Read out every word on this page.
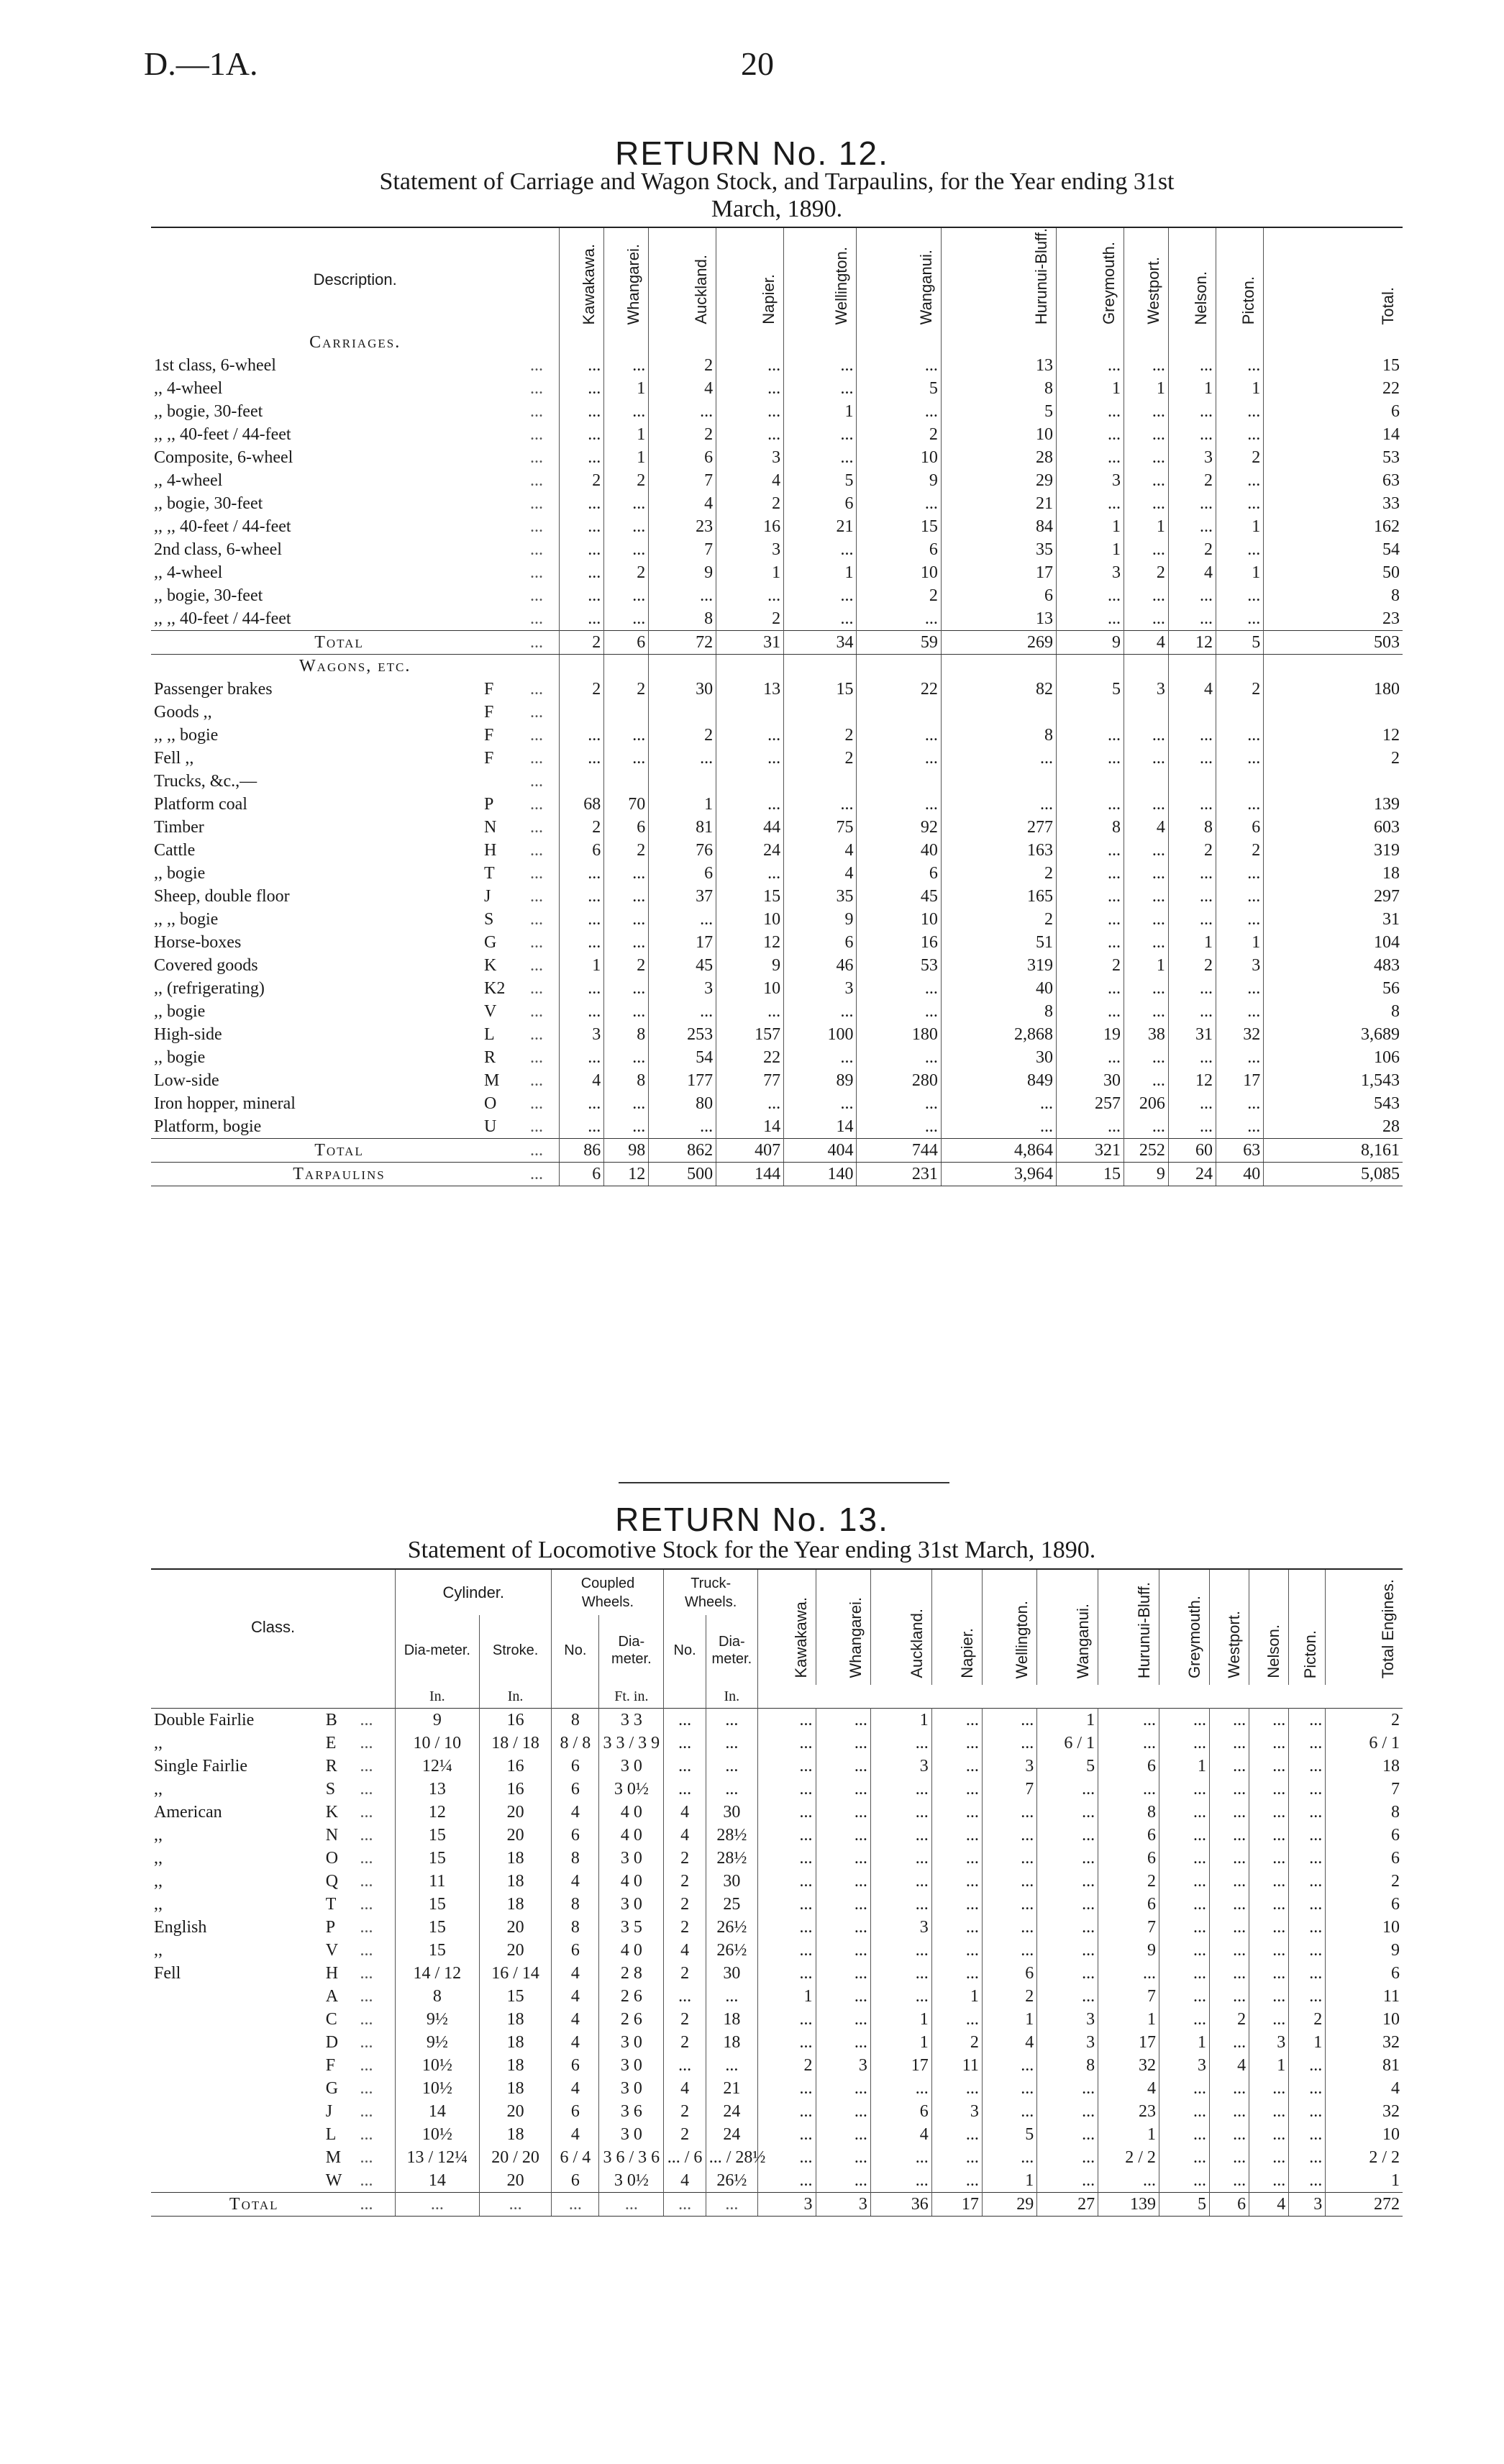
D.—1A.	20
RETURN No. 12.
Statement of Carriage and Wagon Stock, and Tarpaulins, for the Year ending 31st
March, 1890.
Description.			Kawakawa.	Whangarei.	Auckland.	Napier.	Wellington.	Wanganui.	Hurunui-Bluff.	Greymouth.	Westport.	Nelson.	Picton.	Total.
Carriages.														
1st class, 6-wheel		...	...	...	2	...	...	...	13	...	...	...	...	15
,, 4-wheel		...	...	1	4	...	...	5	8	1	1	1	1	22
,, bogie, 30-feet		...	...	...	...	...	1	...	5	...	...	...	...	6
,, ,, 40-feet / 44-feet		...	...	1	2	...	...	2	10	...	...	...	...	14
Composite, 6-wheel		...	...	1	6	3	...	10	28	...	...	3	2	53
,, 4-wheel		...	2	2	7	4	5	9	29	3	...	2	...	63
,, bogie, 30-feet		...	...	...	4	2	6	...	21	...	...	...	...	33
,, ,, 40-feet / 44-feet		...	...	...	23	16	21	15	84	1	1	...	1	162
2nd class, 6-wheel		...	...	...	7	3	...	6	35	1	...	2	...	54
,, 4-wheel		...	...	2	9	1	1	10	17	3	2	4	1	50
,, bogie, 30-feet		...	...	...	...	...	...	2	6	...	...	...	...	8
,, ,, 40-feet / 44-feet		...	...	...	8	2	...	...	13	...	...	...	...	23
Total		...	2	6	72	31	34	59	269	9	4	12	5	503
Wagons, etc.														
Passenger brakes	F	...	2	2	30	13	15	22	82	5	3	4	2	180
Goods ,,	F	...												
,, ,, bogie	F	...	...	...	2	...	2	...	8	...	...	...	...	12
Fell ,,	F	...	...	...	...	...	2	...	...	...	...	...	...	2
Trucks, &c.,—		...												
Platform coal	P	...	68	70	1	...	...	...	...	...	...	...	...	139
Timber	N	...	2	6	81	44	75	92	277	8	4	8	6	603
Cattle	H	...	6	2	76	24	4	40	163	...	...	2	2	319
,, bogie	T	...	...	...	6	...	4	6	2	...	...	...	...	18
Sheep, double floor	J	...	...	...	37	15	35	45	165	...	...	...	...	297
,, ,, bogie	S	...	...	...	...	10	9	10	2	...	...	...	...	31
Horse-boxes	G	...	...	...	17	12	6	16	51	...	...	1	1	104
Covered goods	K	...	1	2	45	9	46	53	319	2	1	2	3	483
,, (refrigerating)	K2	...	...	...	3	10	3	...	40	...	...	...	...	56
,, bogie	V	...	...	...	...	...	...	...	8	...	...	...	...	8
High-side	L	...	3	8	253	157	100	180	2,868	19	38	31	32	3,689
,, bogie	R	...	...	...	54	22	...	...	30	...	...	...	...	106
Low-side	M	...	4	8	177	77	89	280	849	30	...	12	17	1,543
Iron hopper, mineral	O	...	...	...	80	...	...	...	...	257	206	...	...	543
Platform, bogie	U	...	...	...	...	14	14	...	...	...	...	...	...	28
Total		...	86	98	862	407	404	744	4,864	321	252	60	63	8,161
Tarpaulins		...	6	12	500	144	140	231	3,964	15	9	24	40	5,085
RETURN No. 13.
Statement of Locomotive Stock for the Year ending 31st March, 1890.
Class.			Cylinder.		Coupled Wheels.		Truck-Wheels.		Kawakawa.	Whangarei.	Auckland.	Napier.	Wellington.	Wanganui.	Hurunui-Bluff.	Greymouth.	Westport.	Nelson.	Picton.	Total Engines.
			Dia-meter.	Stroke.	No.	Dia-meter.	No.	Dia-meter.												
			In.	In.		Ft. in.		In.												
Double Fairlie	B	...	9	16	8	3 3	...	...	...	...	1	...	...	1	...	...	...	...	...	2
,,	E	...	10 / 10	18 / 18	8 / 8	3 3 / 3 9	...	...	...	...	...	...	...	6 / 1	...	...	...	...	...	6 / 1
Single Fairlie	R	...	12¼	16	6	3 0	...	...	...	...	3	...	3	5	6	1	...	...	...	18
,,	S	...	13	16	6	3 0½	...	...	...	...	...	...	7	...	...	...	...	...	...	7
American	K	...	12	20	4	4 0	4	30	...	...	...	...	...	...	8	...	...	...	...	8
,,	N	...	15	20	6	4 0	4	28½	...	...	...	...	...	...	6	...	...	...	...	6
,,	O	...	15	18	8	3 0	2	28½	...	...	...	...	...	...	6	...	...	...	...	6
,,	Q	...	11	18	4	4 0	2	30	...	...	...	...	...	...	2	...	...	...	...	2
,,	T	...	15	18	8	3 0	2	25	...	...	...	...	...	...	6	...	...	...	...	6
English	P	...	15	20	8	3 5	2	26½	...	...	3	...	...	...	7	...	...	...	...	10
,,	V	...	15	20	6	4 0	4	26½	...	...	...	...	...	...	9	...	...	...	...	9
Fell	H	...	14 / 12	16 / 14	4	2 8	2	30	...	...	...	...	6	...	...	...	...	...	...	6
	A	...	8	15	4	2 6	...	...	1	...	...	1	2	...	7	...	...	...	...	11
	C	...	9½	18	4	2 6	2	18	...	...	1	...	1	3	1	...	2	...	2	10
	D	...	9½	18	4	3 0	2	18	...	...	1	2	4	3	17	1	...	3	1	32
	F	...	10½	18	6	3 0	...	...	2	3	17	11	...	8	32	3	4	1	...	81
	G	...	10½	18	4	3 0	4	21	...	...	...	...	...	...	4	...	...	...	...	4
	J	...	14	20	6	3 6	2	24	...	...	6	3	...	...	23	...	...	...	...	32
	L	...	10½	18	4	3 0	2	24	...	...	4	...	5	...	1	...	...	...	...	10
	M	...	13 / 12¼	20 / 20	6 / 4	3 6 / 3 6	... / 6	... / 28½	...	...	...	...	...	...	2 / 2	...	...	...	...	2 / 2
	W	...	14	20	6	3 0½	4	26½	...	...	...	...	1	...	...	...	...	...	...	1
Total		...	...	...	...	...	...	...	3	3	36	17	29	27	139	5	6	4	3	272
